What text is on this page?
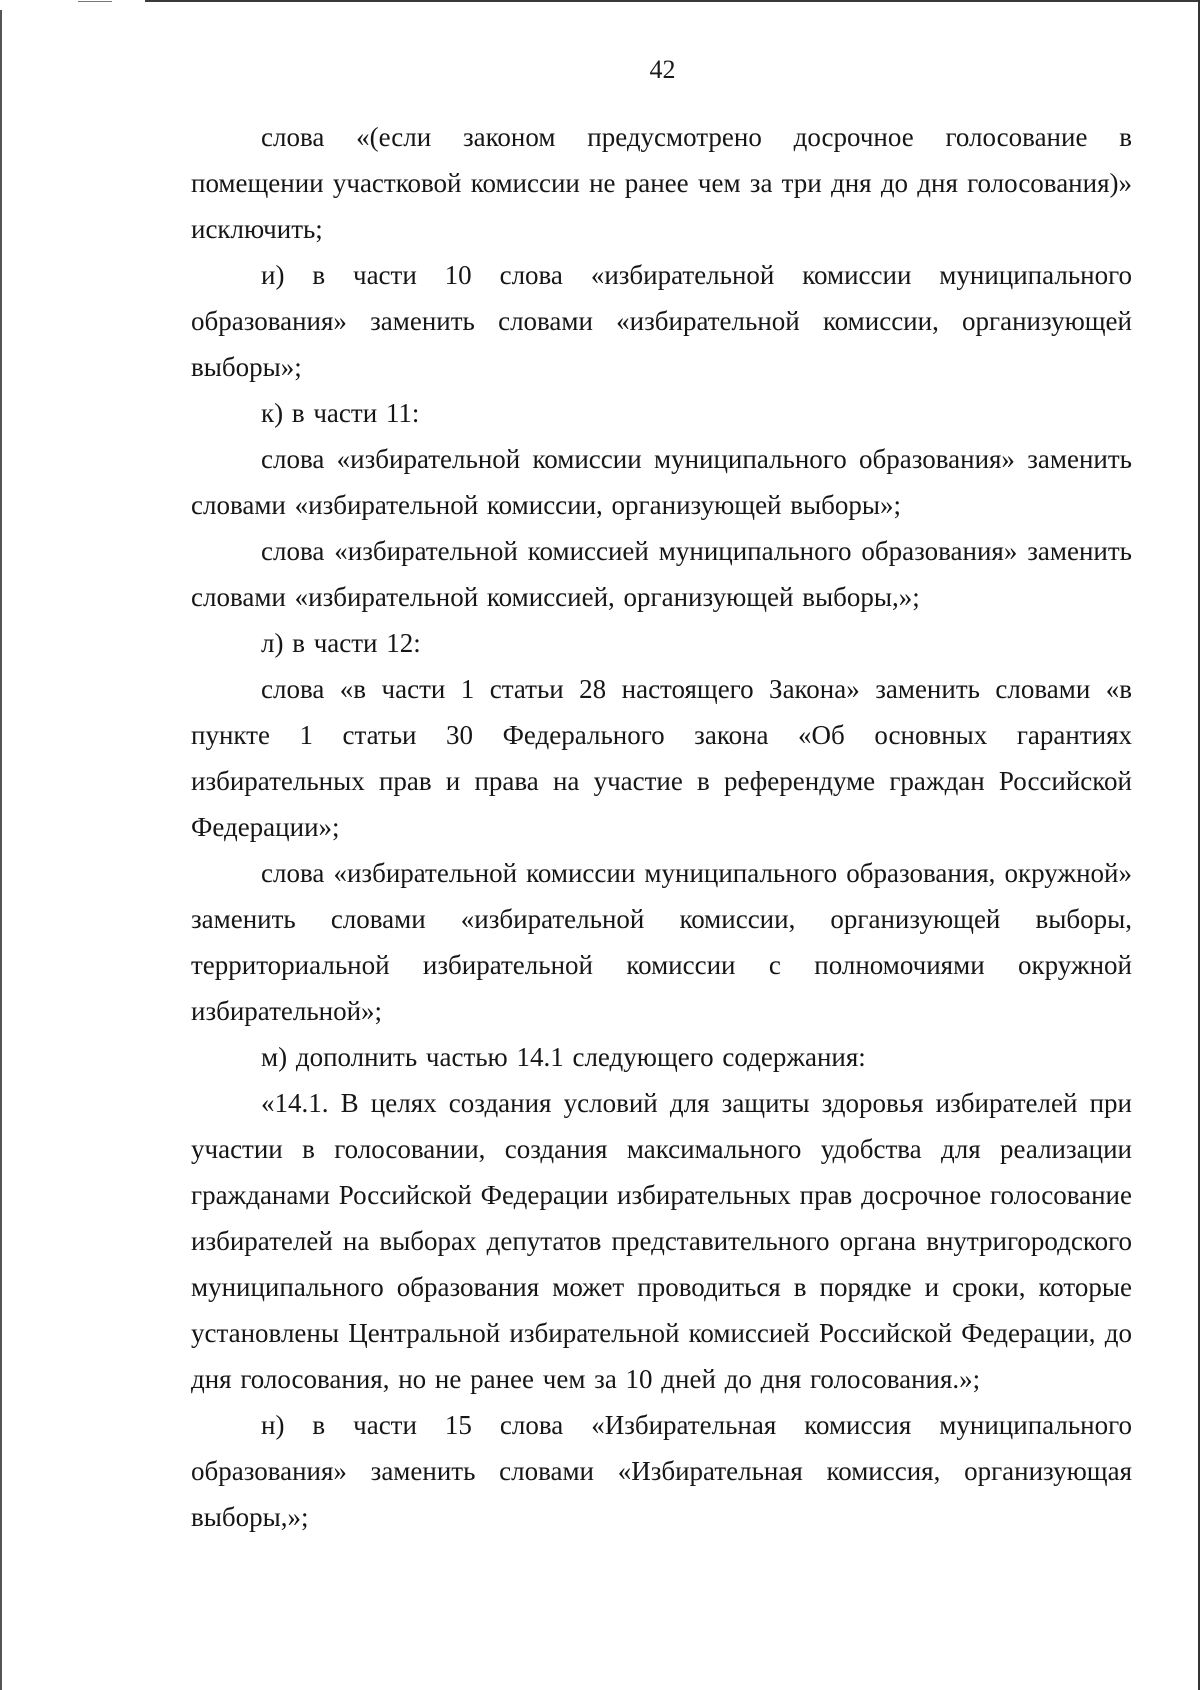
42

слова «(если законом предусмотрено досрочное голосование в помещении участковой комиссии не ранее чем за три дня до дня голосования)» исключить;

и) в части 10 слова «избирательной комиссии муниципального образования» заменить словами «избирательной комиссии, организующей выборы»;

к) в части 11:

слова «избирательной комиссии муниципального образования» заменить словами «избирательной комиссии, организующей выборы»;

слова «избирательной комиссией муниципального образования» заменить словами «избирательной комиссией, организующей выборы,»;

л) в части 12:

слова «в части 1 статьи 28 настоящего Закона» заменить словами «в пункте 1 статьи 30 Федерального закона «Об основных гарантиях избирательных прав и права на участие в референдуме граждан Российской Федерации»;

слова «избирательной комиссии муниципального образования, окружной» заменить словами «избирательной комиссии, организующей выборы, территориальной избирательной комиссии с полномочиями окружной избирательной»;

м) дополнить частью 14.1 следующего содержания:

«14.1. В целях создания условий для защиты здоровья избирателей при участии в голосовании, создания максимального удобства для реализации гражданами Российской Федерации избирательных прав досрочное голосование избирателей на выборах депутатов представительного органа внутригородского муниципального образования может проводиться в порядке и сроки, которые установлены Центральной избирательной комиссией Российской Федерации, до дня голосования, но не ранее чем за 10 дней до дня голосования.»;

н) в части 15 слова «Избирательная комиссия муниципального образования» заменить словами «Избирательная комиссия, организующая выборы,»;
